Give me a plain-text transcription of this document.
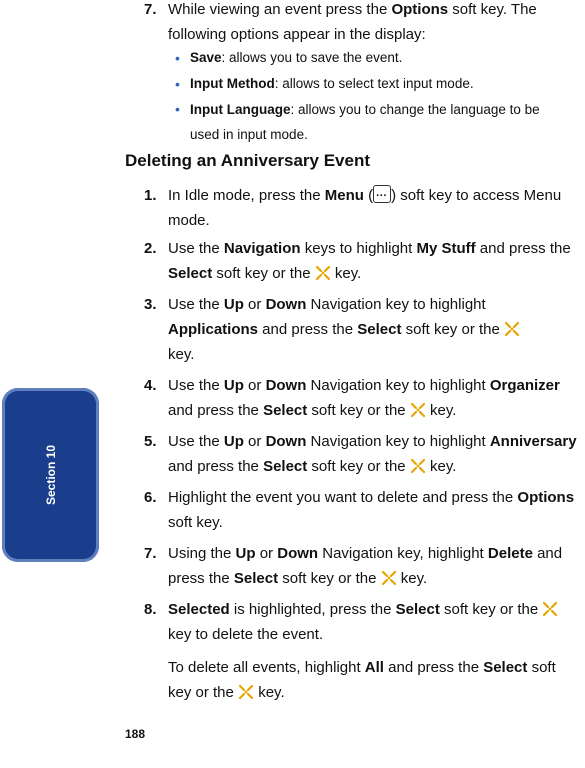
Section 10
7. While viewing an event press the Options soft key. The following options appear in the display:
• Save: allows you to save the event.
• Input Method: allows to select text input mode.
• Input Language: allows you to change the language to be used in input mode.
Deleting an Anniversary Event
1. In Idle mode, press the Menu (··· ) soft key to access Menu mode.
2. Use the Navigation keys to highlight My Stuff and press the Select soft key or the  key.
3. Use the Up or Down Navigation key to highlight Applications and press the Select soft key or the
key.
4. Use the Up or Down Navigation key to highlight Organizer and press the Select soft key or the  key.
5. Use the Up or Down Navigation key to highlight Anniversary and press the Select soft key or the  key.
6. Highlight the event you want to delete and press the Options soft key.
7. Using the Up or Down Navigation key, highlight Delete and press the Select soft key or the  key.
8. Selected is highlighted, press the Select soft key or the  key to delete the event.
To delete all events, highlight All and press the Select soft key or the  key.
188
